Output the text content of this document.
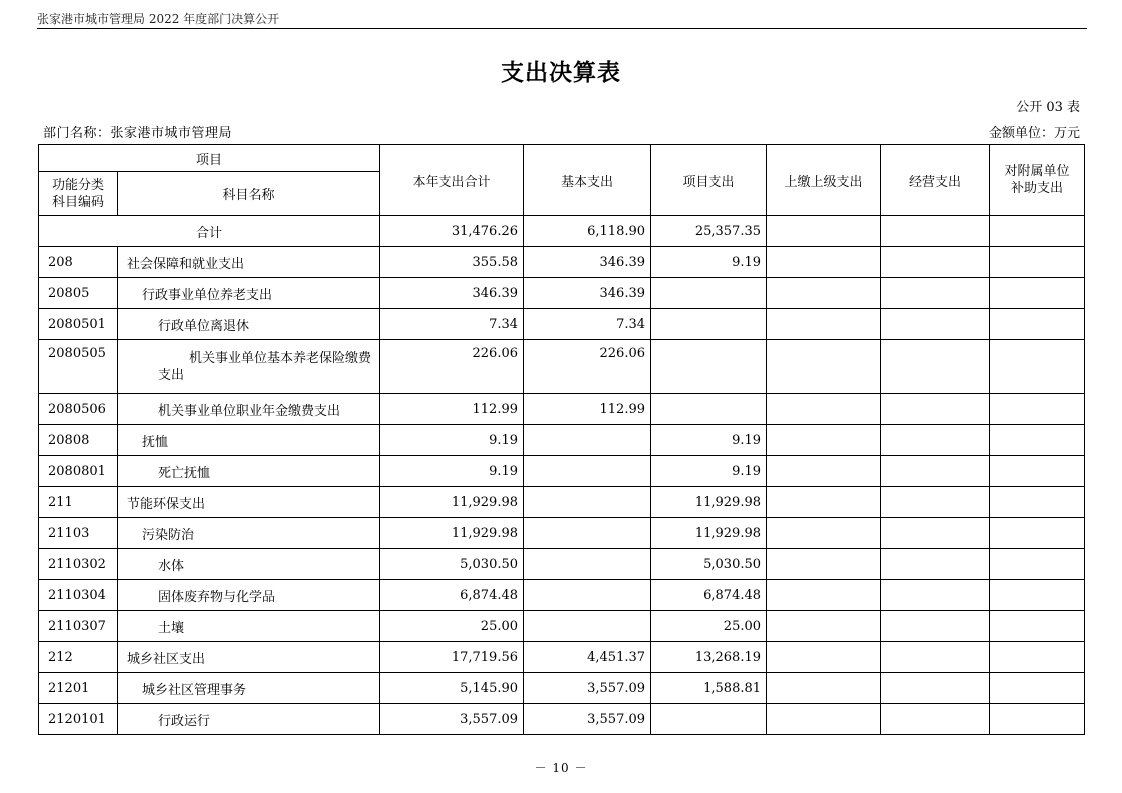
张家港市城市管理局 2022 年度部门决算公开
支出决算表
公开 03 表
部门名称：张家港市城市管理局	金额单位：万元
项目		本年支出合计	基本支出	项目支出	上缴上级支出	经营支出	对附属单位
补助支出

功能分类
科目编码	科目名称						
合计		31,476.26	6,118.90	25,357.35			
208	社会保障和就业支出	355.58	346.39	9.19			
20805	行政事业单位养老支出	346.39	346.39				
2080501	行政单位离退休	7.34	7.34				
2080505	机关事业单位基本养老保险缴费
支出	226.06	226.06				
2080506	机关事业单位职业年金缴费支出	112.99	112.99				
20808	抚恤	9.19		9.19			
2080801	死亡抚恤	9.19		9.19			
211	节能环保支出	11,929.98		11,929.98			
21103	污染防治	11,929.98		11,929.98			
2110302	水体	5,030.50		5,030.50			
2110304	固体废弃物与化学品	6,874.48		6,874.48			
2110307	土壤	25.00		25.00			
212	城乡社区支出	17,719.56	4,451.37	13,268.19			
21201	城乡社区管理事务	5,145.90	3,557.09	1,588.81			
2120101	行政运行	3,557.09	3,557.09				
－ 10 －
